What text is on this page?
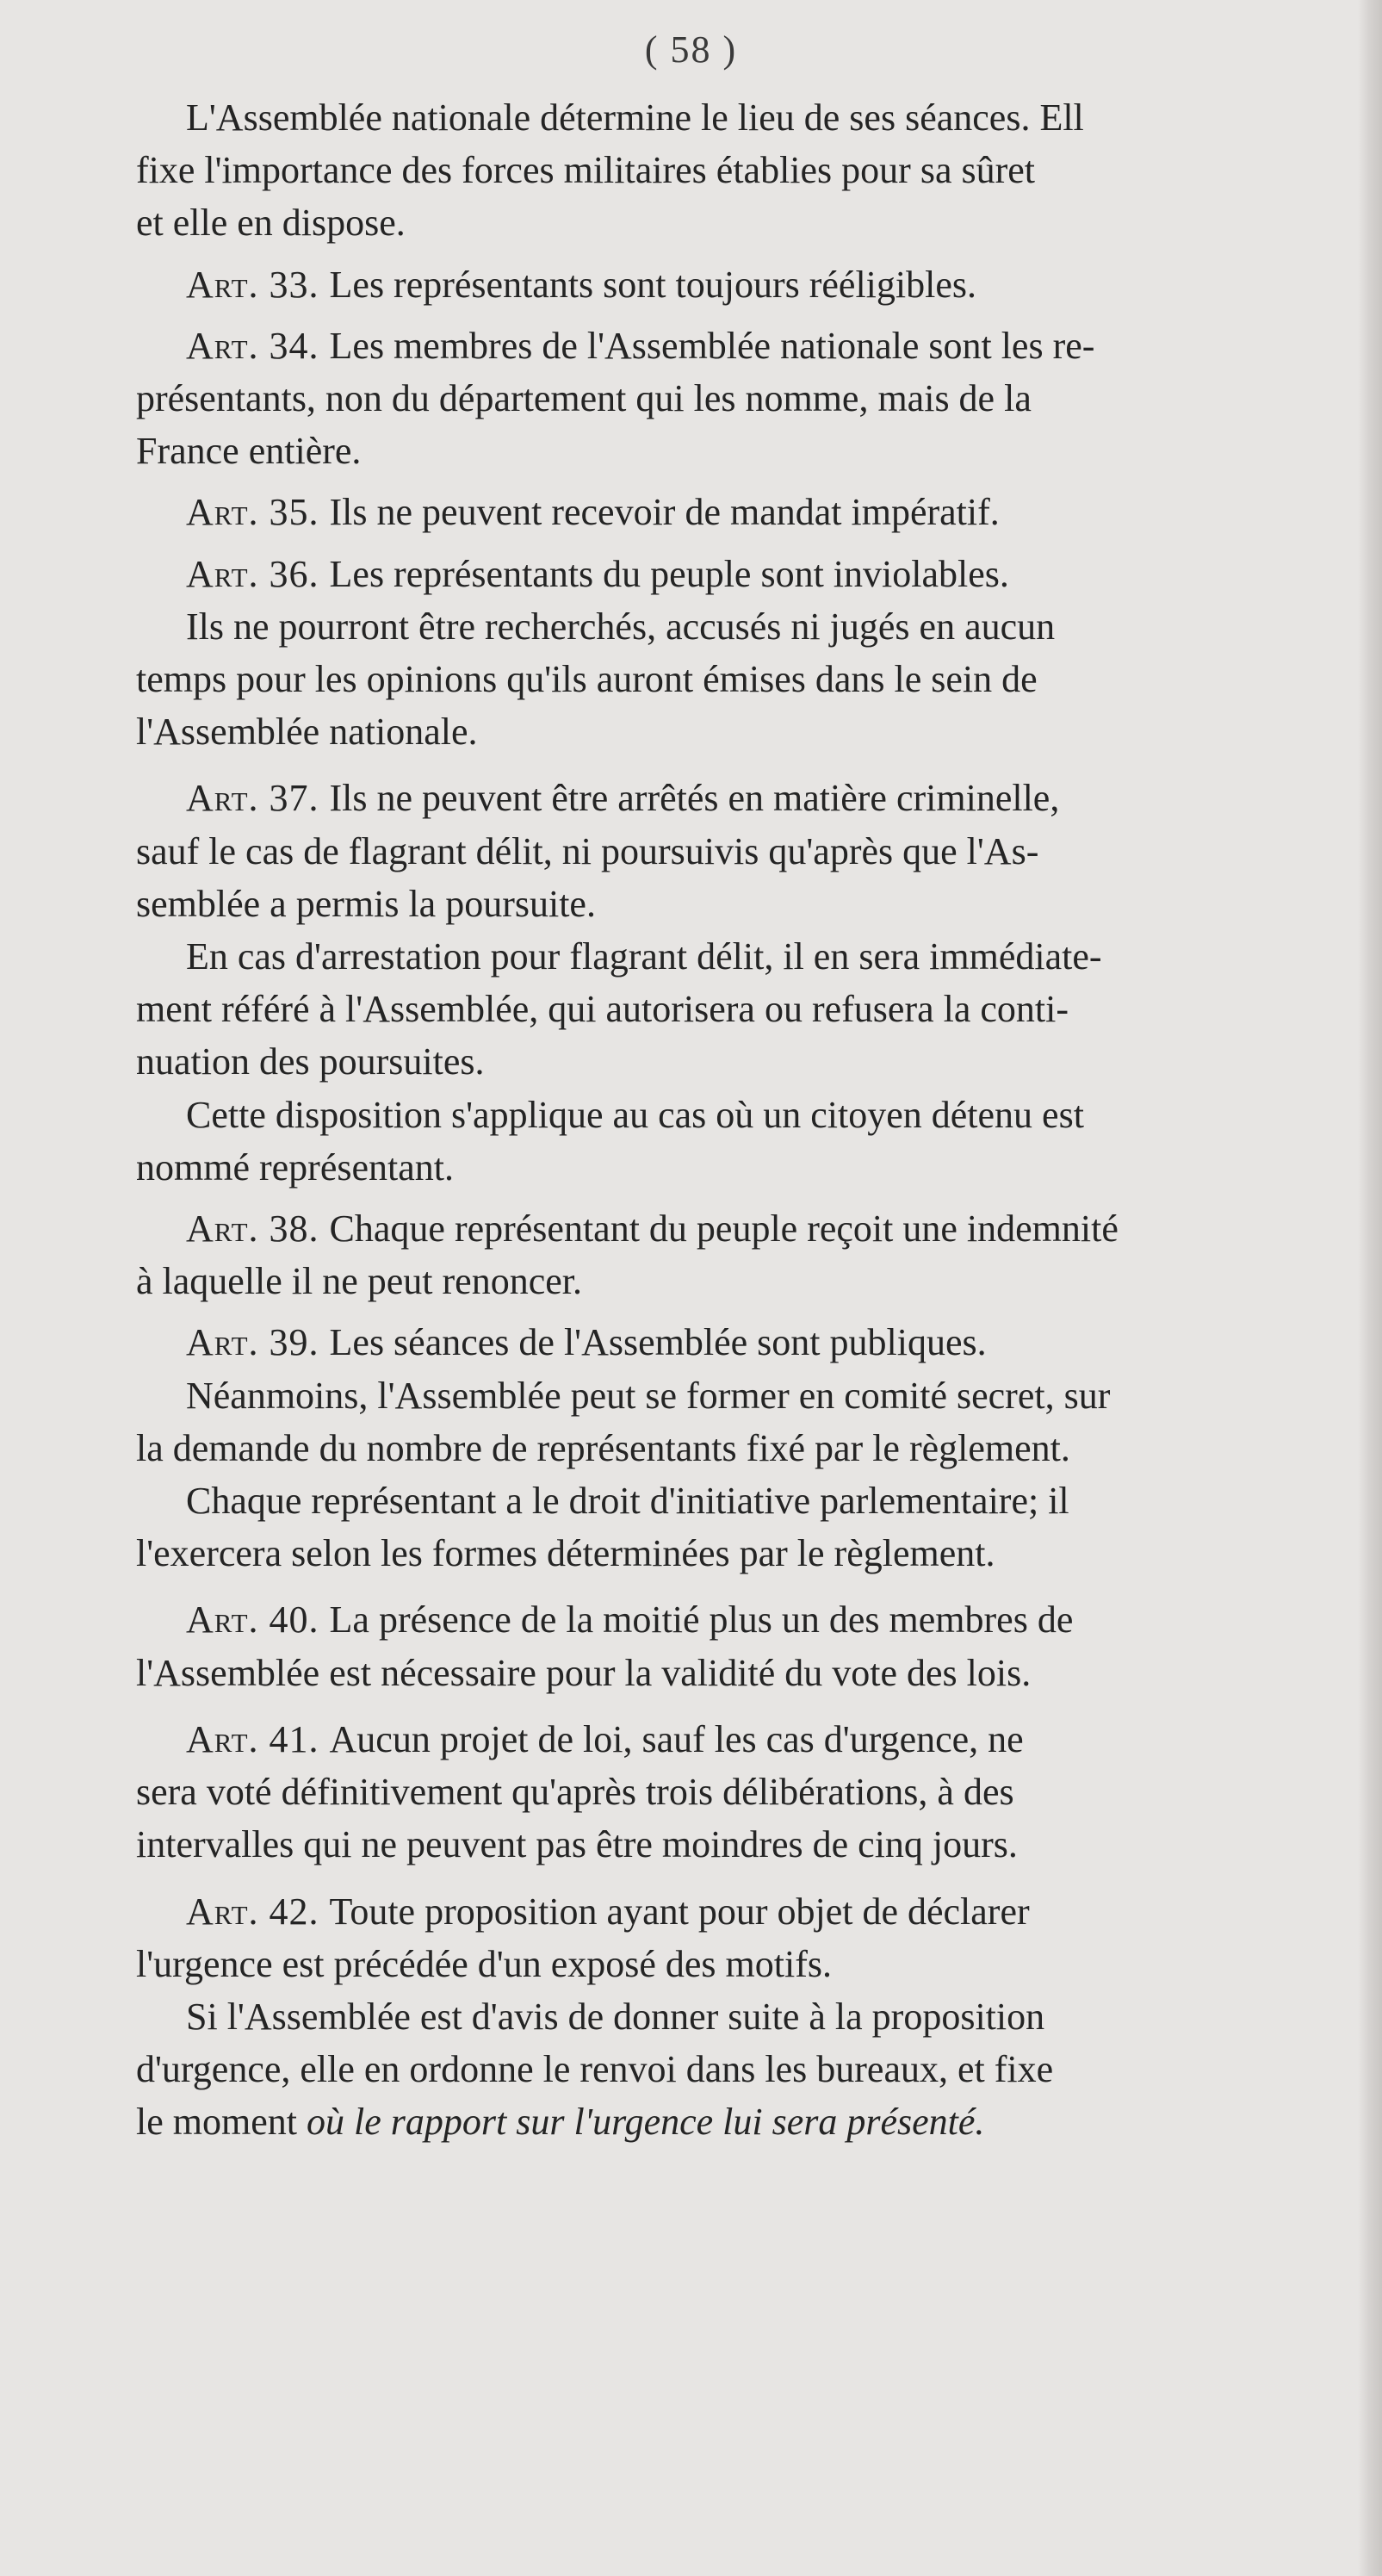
( 58 )
L'Assemblée nationale détermine le lieu de ses séances. Ell
fixe l'importance des forces militaires établies pour sa sûret
et elle en dispose.
Art. 33. Les représentants sont toujours rééligibles.
Art. 34. Les membres de l'Assemblée nationale sont les re-
présentants, non du département qui les nomme, mais de la
France entière.
Art. 35. Ils ne peuvent recevoir de mandat impératif.
Art. 36. Les représentants du peuple sont inviolables.
Ils ne pourront être recherchés, accusés ni jugés en aucun
temps pour les opinions qu'ils auront émises dans le sein de
l'Assemblée nationale.
Art. 37. Ils ne peuvent être arrêtés en matière criminelle,
sauf le cas de flagrant délit, ni poursuivis qu'après que l'As-
semblée a permis la poursuite.
En cas d'arrestation pour flagrant délit, il en sera immédiate-
ment référé à l'Assemblée, qui autorisera ou refusera la conti-
nuation des poursuites.
Cette disposition s'applique au cas où un citoyen détenu est
nommé représentant.
Art. 38. Chaque représentant du peuple reçoit une indemnité
à laquelle il ne peut renoncer.
Art. 39. Les séances de l'Assemblée sont publiques.
Néanmoins, l'Assemblée peut se former en comité secret, sur
la demande du nombre de représentants fixé par le règlement.
Chaque représentant a le droit d'initiative parlementaire; il
l'exercera selon les formes déterminées par le règlement.
Art. 40. La présence de la moitié plus un des membres de
l'Assemblée est nécessaire pour la validité du vote des lois.
Art. 41. Aucun projet de loi, sauf les cas d'urgence, ne
sera voté définitivement qu'après trois délibérations, à des
intervalles qui ne peuvent pas être moindres de cinq jours.
Art. 42. Toute proposition ayant pour objet de déclarer
l'urgence est précédée d'un exposé des motifs.
Si l'Assemblée est d'avis de donner suite à la proposition
d'urgence, elle en ordonne le renvoi dans les bureaux, et fixe
le moment où le rapport sur l'urgence lui sera présenté.
